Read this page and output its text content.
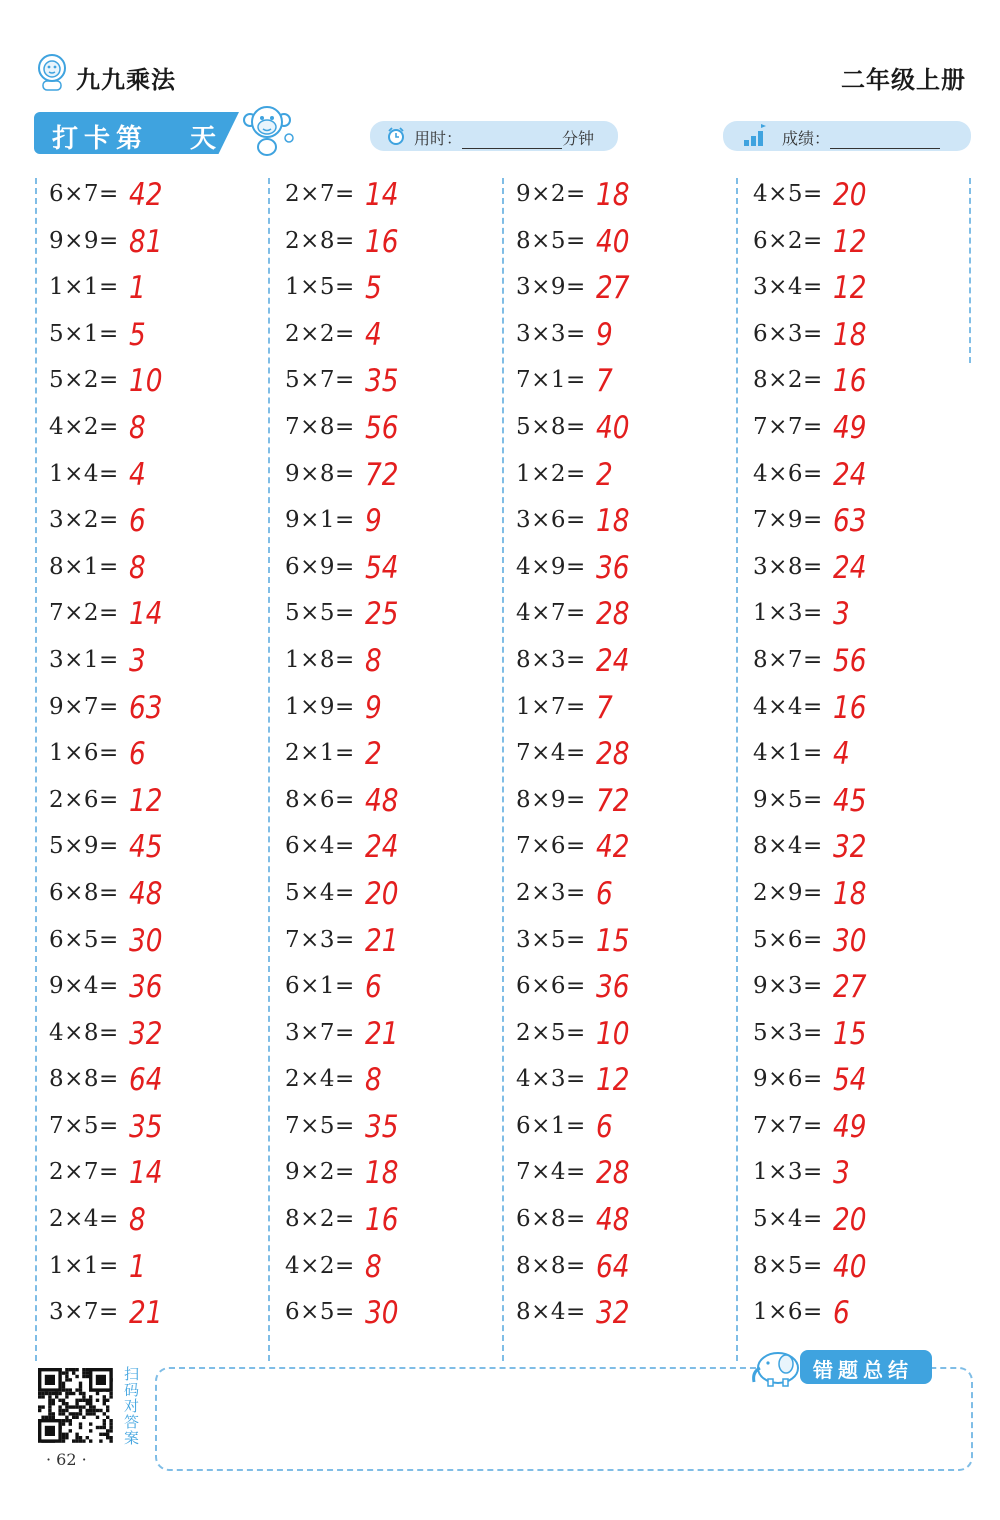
九九乘法	二年级上册
打卡第 天	用时：	分钟	成绩：
6×7= 42
9×9= 81
1×1= 1
5×1= 5
5×2= 10
4×2= 8
1×4= 4
3×2= 6
8×1= 8
7×2= 14
3×1= 3
9×7= 63
1×6= 6
2×6= 12
5×9= 45
6×8= 48
6×5= 30
9×4= 36
4×8= 32
8×8= 64
7×5= 35
2×7= 14
2×4= 8
1×1= 1
3×7= 21
2×7= 14
2×8= 16
1×5= 5
2×2= 4
5×7= 35
7×8= 56
9×8= 72
9×1= 9
6×9= 54
5×5= 25
1×8= 8
1×9= 9
2×1= 2
8×6= 48
6×4= 24
5×4= 20
7×3= 21
6×1= 6
3×7= 21
2×4= 8
7×5= 35
9×2= 18
8×2= 16
4×2= 8
6×5= 30
9×2= 18
8×5= 40
3×9= 27
3×3= 9
7×1= 7
5×8= 40
1×2= 2
3×6= 18
4×9= 36
4×7= 28
8×3= 24
1×7= 7
7×4= 28
8×9= 72
7×6= 42
2×3= 6
3×5= 15
6×6= 36
2×5= 10
4×3= 12
6×1= 6
7×4= 28
6×8= 48
8×8= 64
8×4= 32
4×5= 20
6×2= 12
3×4= 12
6×3= 18
8×2= 16
7×7= 49
4×6= 24
7×9= 63
3×8= 24
1×3= 3
8×7= 56
4×4= 16
4×1= 4
9×5= 45
8×4= 32
2×9= 18
5×6= 30
9×3= 27
5×3= 15
9×6= 54
7×7= 49
1×3= 3
5×4= 20
8×5= 40
1×6= 6
错题总结
扫码对答案
· 62 ·
